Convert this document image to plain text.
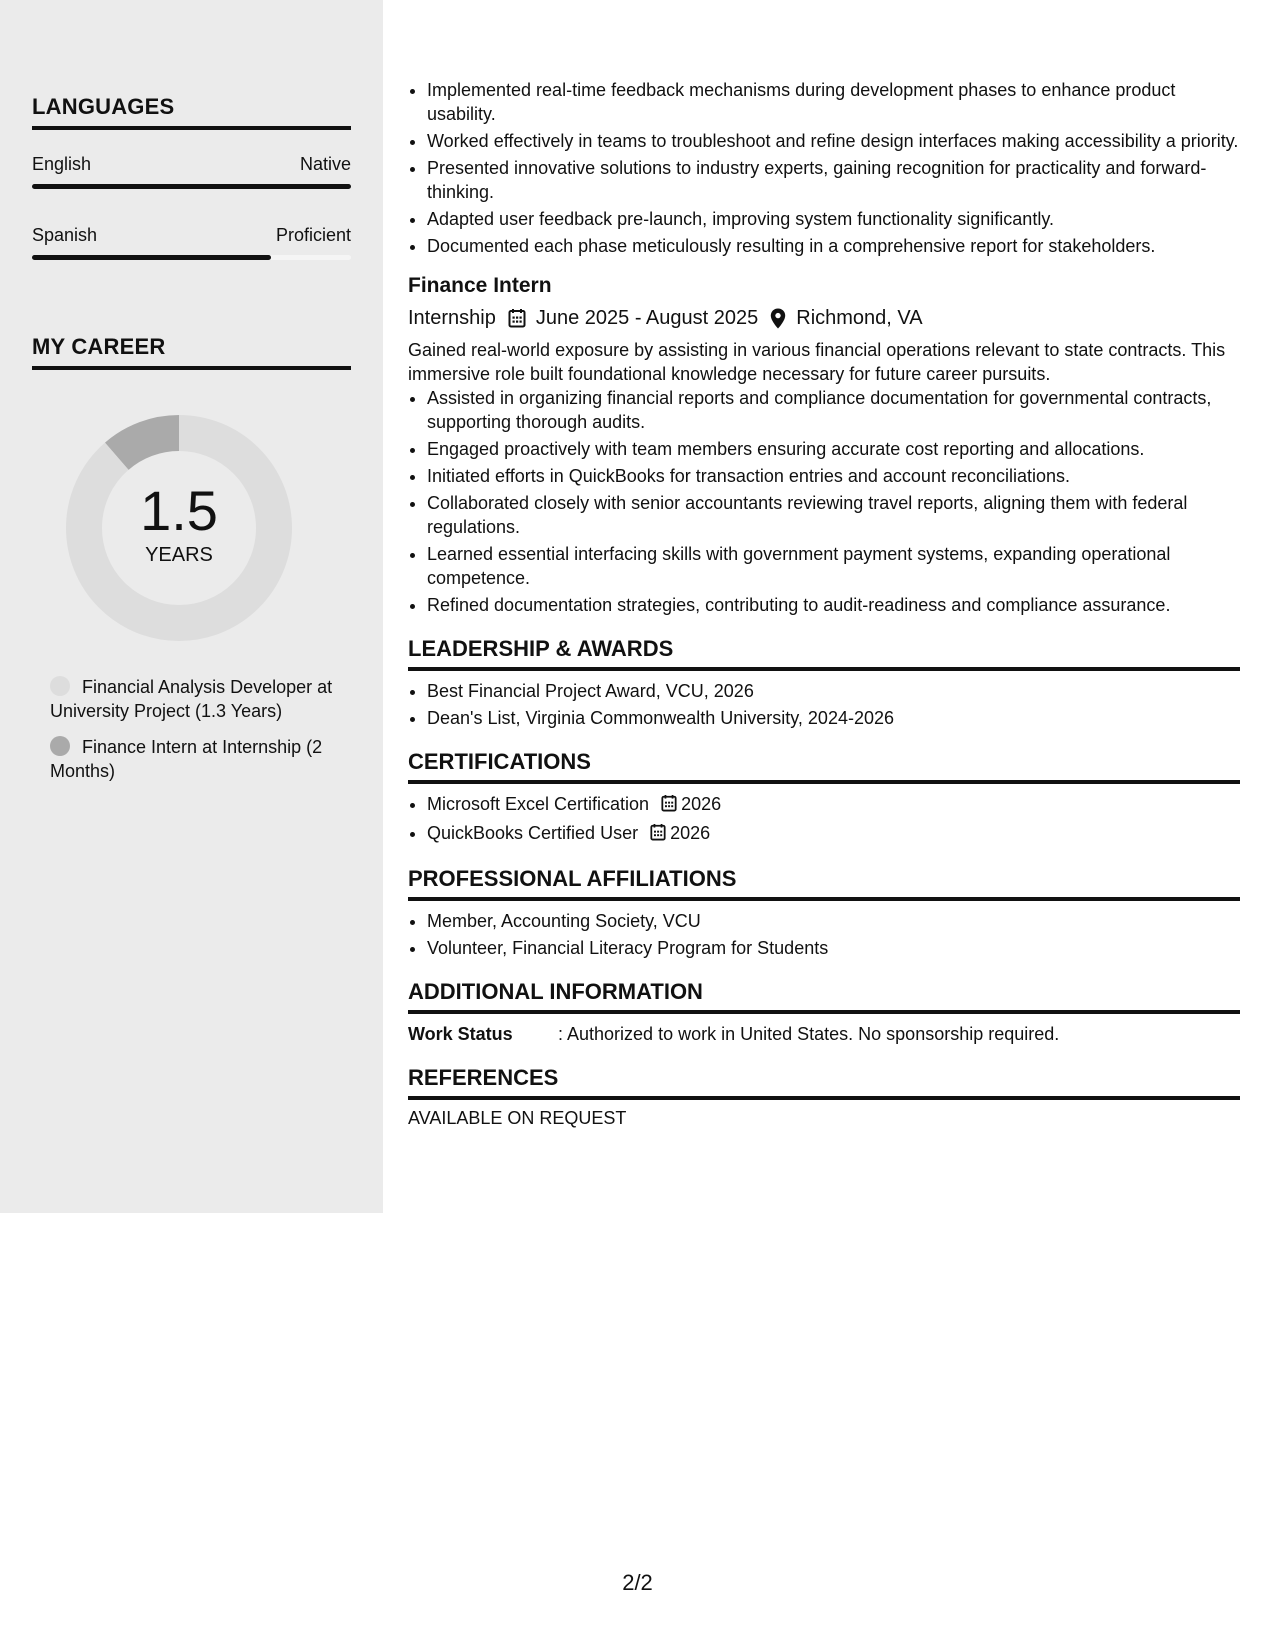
LANGUAGES
English	Native
Spanish	Proficient
MY CAREER
1.5
YEARS
Financial Analysis Developer at University Project (1.3 Years)
Finance Intern at Internship (2 Months)
• Implemented real-time feedback mechanisms during development phases to enhance product usability.
• Worked effectively in teams to troubleshoot and refine design interfaces making accessibility a priority.
• Presented innovative solutions to industry experts, gaining recognition for practicality and forward-thinking.
• Adapted user feedback pre-launch, improving system functionality significantly.
• Documented each phase meticulously resulting in a comprehensive report for stakeholders.
Finance Intern
Internship June 2025 - August 2025 Richmond, VA
Gained real-world exposure by assisting in various financial operations relevant to state contracts. This immersive role built foundational knowledge necessary for future career pursuits.
• Assisted in organizing financial reports and compliance documentation for governmental contracts, supporting thorough audits.
• Engaged proactively with team members ensuring accurate cost reporting and allocations.
• Initiated efforts in QuickBooks for transaction entries and account reconciliations.
• Collaborated closely with senior accountants reviewing travel reports, aligning them with federal regulations.
• Learned essential interfacing skills with government payment systems, expanding operational competence.
• Refined documentation strategies, contributing to audit-readiness and compliance assurance.
LEADERSHIP & AWARDS
• Best Financial Project Award, VCU, 2026
• Dean's List, Virginia Commonwealth University, 2024-2026
CERTIFICATIONS
• Microsoft Excel Certification 2026
• QuickBooks Certified User 2026
PROFESSIONAL AFFILIATIONS
• Member, Accounting Society, VCU
• Volunteer, Financial Literacy Program for Students
ADDITIONAL INFORMATION
Work Status	: Authorized to work in United States. No sponsorship required.
REFERENCES
AVAILABLE ON REQUEST
2/2
